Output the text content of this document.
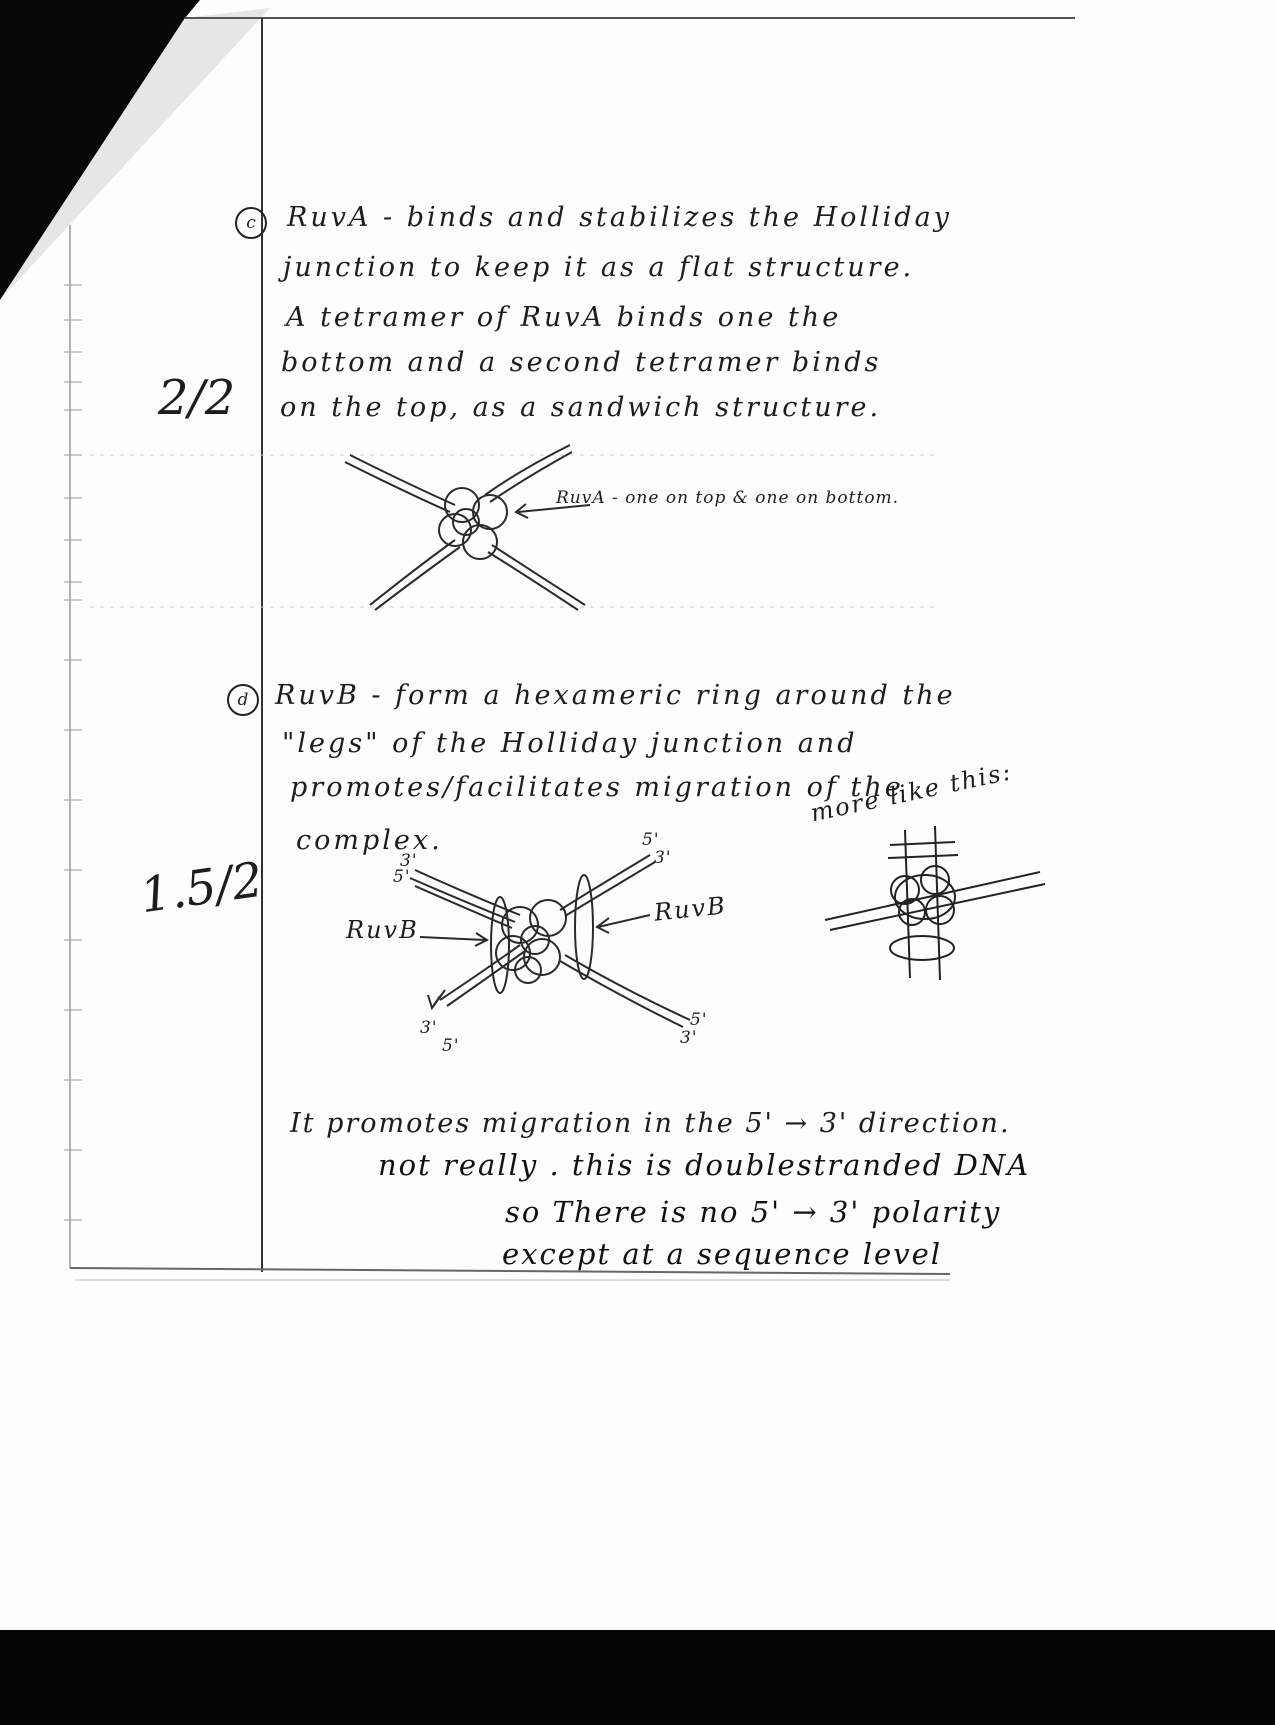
c	RuvA - binds and stabilizes the Holliday
junction to keep it as a flat structure.
A tetramer of RuvA binds one the
bottom and a second tetramer binds
on the top, as a sandwich structure.
2/2
RuvA - one on top & one on bottom.
d RuvB - form a hexameric ring around the
"legs" of the Holliday junction and
promotes/facilitates migration of the
complex.
1.5/2	3'
5'
5'
3'
5'
3'
3'
5'
RuvB
RuvB
more like this:
It promotes migration in the 5' → 3' direction.
not really . this is doublestranded DNA
so There is no 5' → 3' polarity
except at a sequence level
